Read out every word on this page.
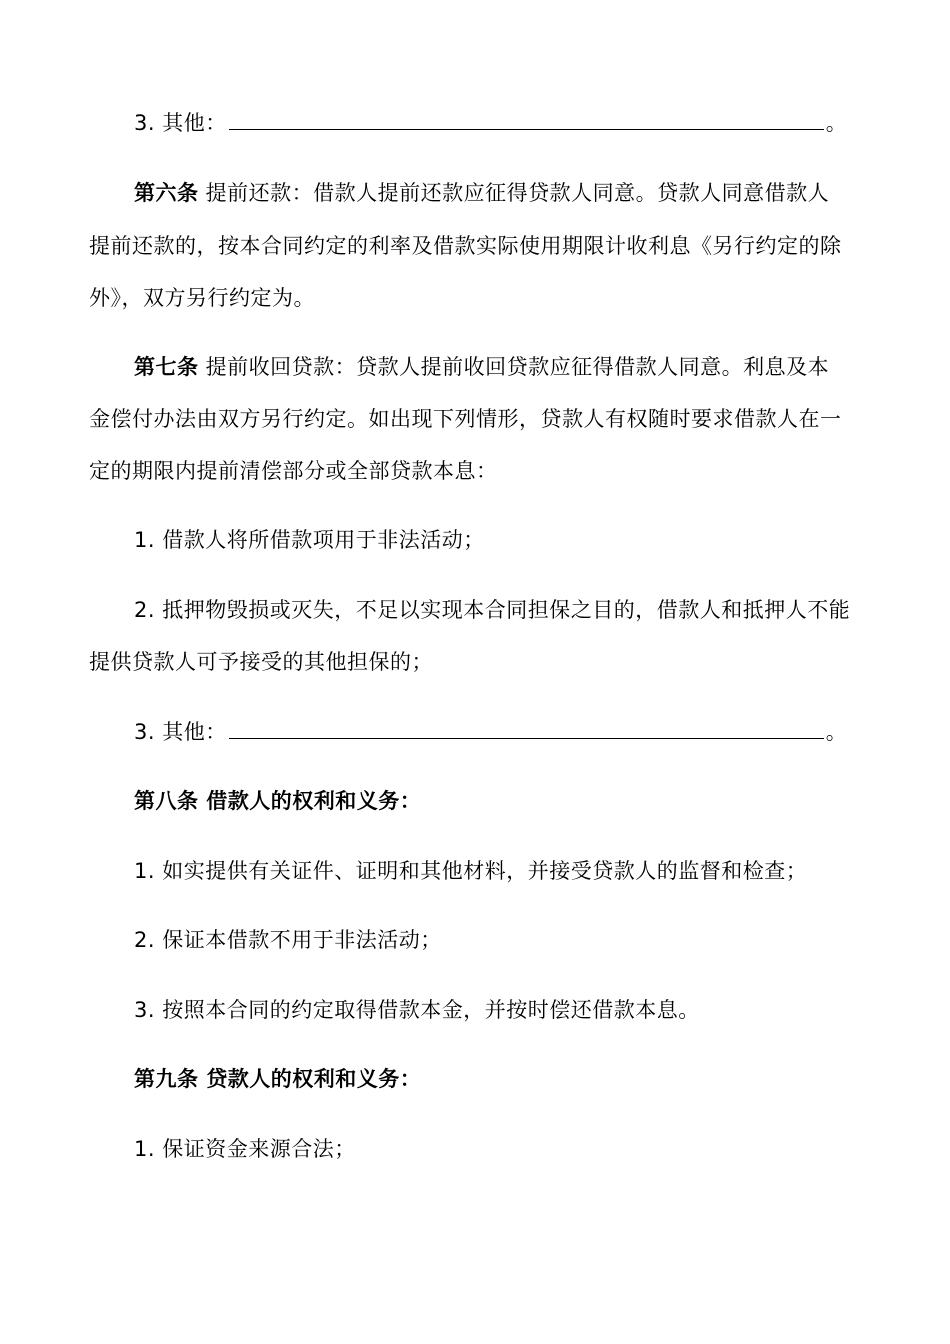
3. 其他：	。
第六条 提前还款：借款人提前还款应征得贷款人同意。贷款人同意借款人
提前还款的，按本合同约定的利率及借款实际使用期限计收利息《另行约定的除
外》，双方另行约定为。
第七条 提前收回贷款：贷款人提前收回贷款应征得借款人同意。利息及本
金偿付办法由双方另行约定。如出现下列情形，贷款人有权随时要求借款人在一
定的期限内提前清偿部分或全部贷款本息：
1. 借款人将所借款项用于非法活动；
2. 抵押物毁损或灭失，不足以实现本合同担保之目的，借款人和抵押人不能
提供贷款人可予接受的其他担保的；
3. 其他：	。
第八条 借款人的权利和义务：
1. 如实提供有关证件、证明和其他材料，并接受贷款人的监督和检查；
2. 保证本借款不用于非法活动；
3. 按照本合同的约定取得借款本金，并按时偿还借款本息。
第九条 贷款人的权利和义务：
1. 保证资金来源合法；
